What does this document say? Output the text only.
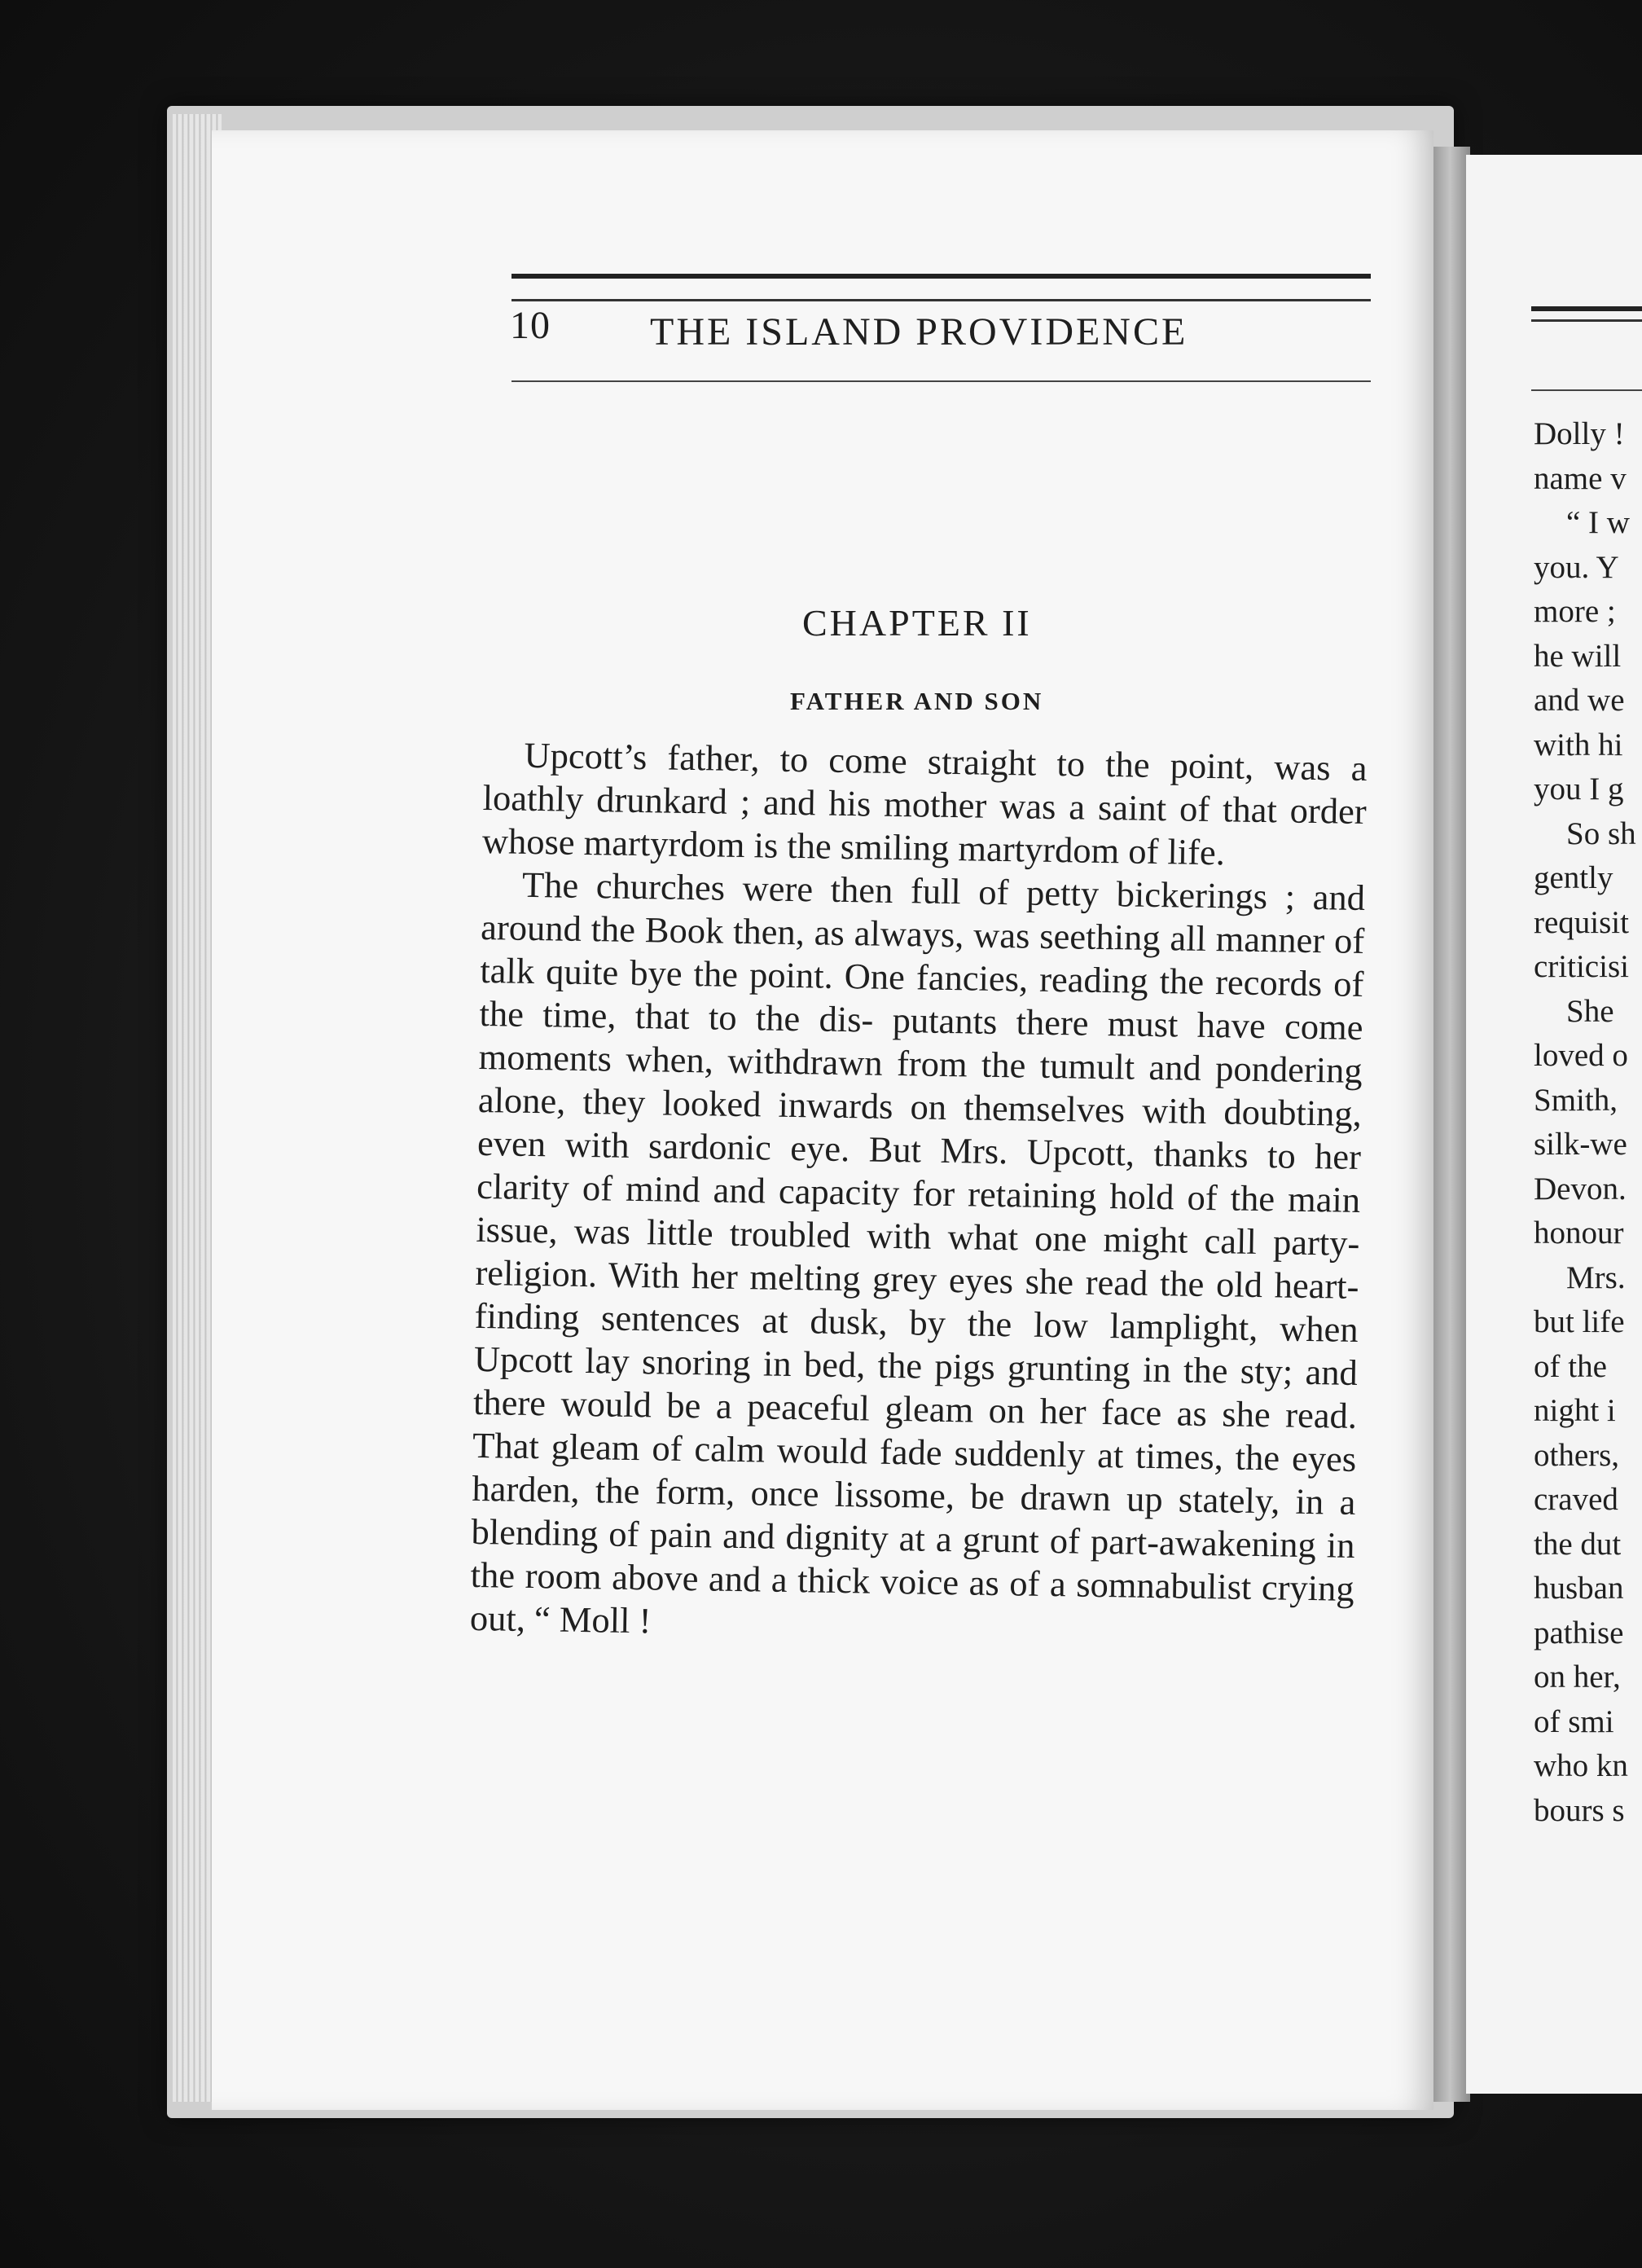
10	THE ISLAND PROVIDENCE
CHAPTER II
FATHER AND SON

Upcott’s father, to come straight to the point, was a loathly drunkard ; and his mother was a saint of that order whose martyrdom is the smiling martyrdom of life.

The churches were then full of petty bickerings ; and around the Book then, as always, was seething all manner of talk quite bye the point. One fancies, reading the records of the time, that to the dis- putants there must have come moments when, withdrawn from the tumult and pondering alone, they looked inwards on themselves with doubting, even with sardonic eye. But Mrs. Upcott, thanks to her clarity of mind and capacity for retaining hold of the main issue, was little troubled with what one might call party-religion. With her melting grey eyes she read the old heart-finding sentences at dusk, by the low lamplight, when Upcott lay snoring in bed, the pigs grunting in the sty; and there would be a peaceful gleam on her face as she read. That gleam of calm would fade suddenly at times, the eyes harden, the form, once lissome, be drawn up stately, in a blending of pain and dignity at a grunt of part-awakening in the room above and a thick voice as of a somnabulist crying out, “ Moll !

Dolly !
name v
“ I w
you. Y
more ;
he will
and we
with hi
you I g
So sh
gently
requisit
criticisi
She
loved o
Smith,
silk-we
Devon.
honour
Mrs.
but life
of the
night i
others,
craved
the dut
husban
pathise
on her,
of smi
who kn
bours s
